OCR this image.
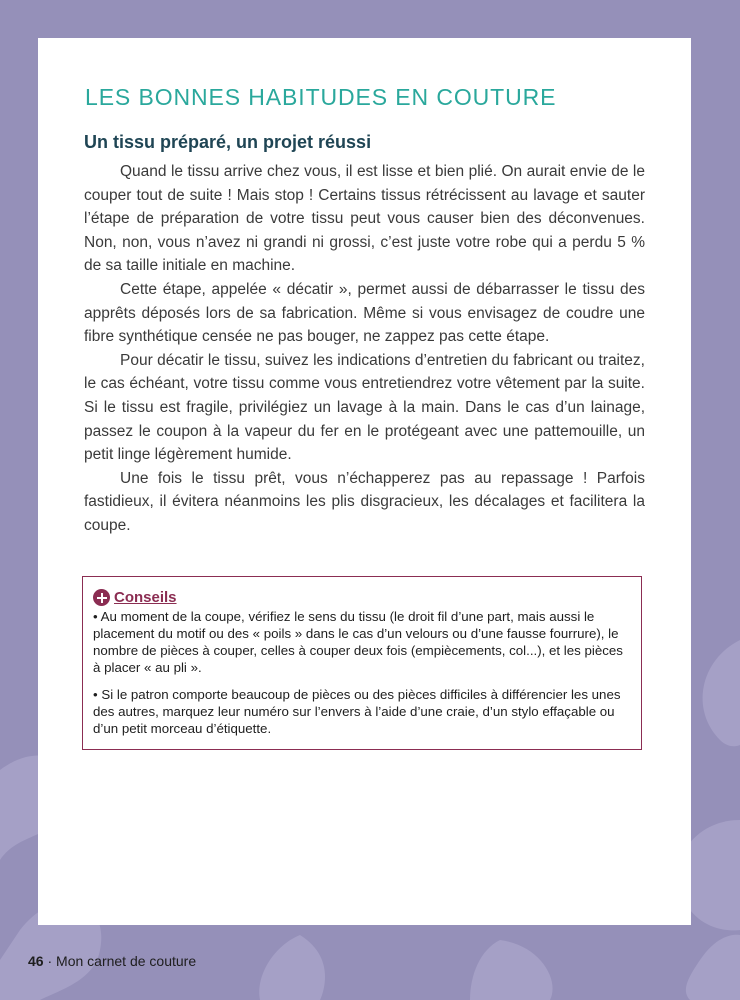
LES BONNES HABITUDES EN COUTURE
Un tissu préparé, un projet réussi

Quand le tissu arrive chez vous, il est lisse et bien plié. On aurait envie de le couper tout de suite ! Mais stop ! Certains tissus rétrécissent au lavage et sauter l’étape de préparation de votre tissu peut vous causer bien des déconvenues. Non, non, vous n’avez ni grandi ni grossi, c’est juste votre robe qui a perdu 5 % de sa taille initiale en machine.

Cette étape, appelée « décatir », permet aussi de débarrasser le tissu des apprêts déposés lors de sa fabrication. Même si vous envisagez de coudre une fibre synthétique censée ne pas bouger, ne zappez pas cette étape.

Pour décatir le tissu, suivez les indications d’entretien du fabricant ou traitez, le cas échéant, votre tissu comme vous entretiendrez votre vêtement par la suite. Si le tissu est fragile, privilégiez un lavage à la main. Dans le cas d’un lainage, passez le coupon à la vapeur du fer en le protégeant avec une pattemouille, un petit linge légèrement humide.

Une fois le tissu prêt, vous n’échapperez pas au repassage ! Parfois fastidieux, il évitera néanmoins les plis disgracieux, les décalages et facilitera la coupe.

Conseils

• Au moment de la coupe, vérifiez le sens du tissu (le droit fil d’une part, mais aussi le placement du motif ou des « poils » dans le cas d’un velours ou d’une fausse fourrure), le nombre de pièces à couper, celles à couper deux fois (empiècements, col...), et les pièces à placer « au pli ».

• Si le patron comporte beaucoup de pièces ou des pièces difficiles à différencier les unes des autres, marquez leur numéro sur l’envers à l’aide d’une craie, d’un stylo effaçable ou d’un petit morceau d’étiquette.

46 · Mon carnet de couture
